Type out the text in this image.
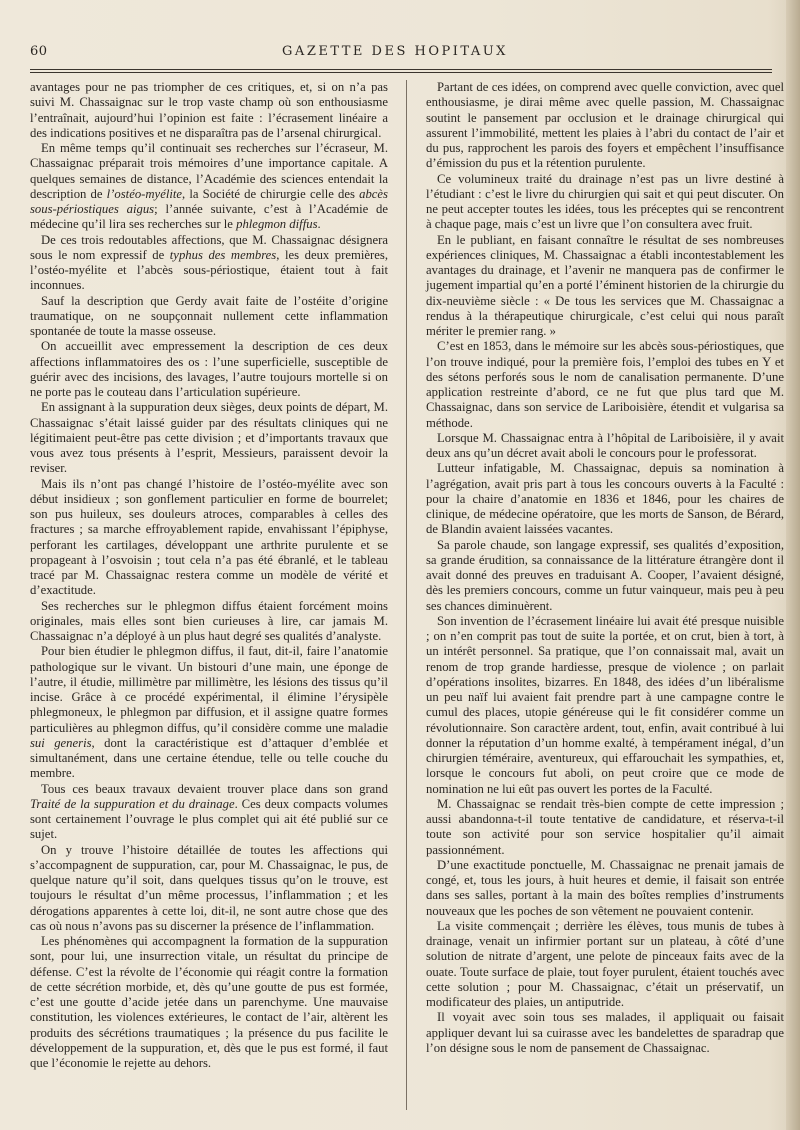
60	GAZETTE DES HOPITAUX

avantages pour ne pas triompher de ces critiques, et, si on n’a pas suivi M. Chassaignac sur le trop vaste champ où son enthousiasme l’entraînait, aujourd’hui l’opinion est faite : l’écrasement linéaire a des indications positives et ne disparaîtra pas de l’arsenal chirurgical.

En même temps qu’il continuait ses recherches sur l’écraseur, M. Chassaignac préparait trois mémoires d’une importance capitale. A quelques semaines de distance, l’Académie des sciences entendait la description de l’ostéo-myélite, la Société de chirurgie celle des abcès sous-périostiques aigus; l’année suivante, c’est à l’Académie de médecine qu’il lira ses recherches sur le phlegmon diffus.

De ces trois redoutables affections, que M. Chassaignac désignera sous le nom expressif de typhus des membres, les deux premières, l’ostéo-myélite et l’abcès sous-périostique, étaient tout à fait inconnues.

Sauf la description que Gerdy avait faite de l’ostéite d’origine traumatique, on ne soupçonnait nullement cette inflammation spontanée de toute la masse osseuse.

On accueillit avec empressement la description de ces deux affections inflammatoires des os : l’une superficielle, susceptible de guérir avec des incisions, des lavages, l’autre toujours mortelle si on ne porte pas le couteau dans l’articulation supérieure.

En assignant à la suppuration deux sièges, deux points de départ, M. Chassaignac s’était laissé guider par des résultats cliniques qui ne légitimaient peut-être pas cette division ; et d’importants travaux que vous avez tous présents à l’esprit, Messieurs, paraissent devoir la reviser.

Mais ils n’ont pas changé l’histoire de l’ostéo-myélite avec son début insidieux ; son gonflement particulier en forme de bourrelet; son pus huileux, ses douleurs atroces, comparables à celles des fractures ; sa marche effroyablement rapide, envahissant l’épiphyse, perforant les cartilages, développant une arthrite purulente et se propageant à l’osvoisin ; tout cela n’a pas été ébranlé, et le tableau tracé par M. Chassaignac restera comme un modèle de vérité et d’exactitude.

Ses recherches sur le phlegmon diffus étaient forcément moins originales, mais elles sont bien curieuses à lire, car jamais M. Chassaignac n’a déployé à un plus haut degré ses qualités d’analyste.

Pour bien étudier le phlegmon diffus, il faut, dit-il, faire l’anatomie pathologique sur le vivant. Un bistouri d’une main, une éponge de l’autre, il étudie, millimètre par millimètre, les lésions des tissus qu’il incise. Grâce à ce procédé expérimental, il élimine l’érysipèle phlegmoneux, le phlegmon par diffusion, et il assigne quatre formes particulières au phlegmon diffus, qu’il considère comme une maladie sui generis, dont la caractéristique est d’attaquer d’emblée et simultanément, dans une certaine étendue, telle ou telle couche du membre.

Tous ces beaux travaux devaient trouver place dans son grand Traité de la suppuration et du drainage. Ces deux compacts volumes sont certainement l’ouvrage le plus complet qui ait été publié sur ce sujet.

On y trouve l’histoire détaillée de toutes les affections qui s’accompagnent de suppuration, car, pour M. Chassaignac, le pus, de quelque nature qu’il soit, dans quelques tissus qu’on le trouve, est toujours le résultat d’un même processus, l’inflammation ; et les dérogations apparentes à cette loi, dit-il, ne sont autre chose que des cas où nous n’avons pas su discerner la présence de l’inflammation.

Les phénomènes qui accompagnent la formation de la suppuration sont, pour lui, une insurrection vitale, un résultat du principe de défense. C’est la révolte de l’économie qui réagit contre la formation de cette sécrétion morbide, et, dès qu’une goutte de pus est formée, c’est une goutte d’acide jetée dans un parenchyme. Une mauvaise constitution, les violences extérieures, le contact de l’air, altèrent les produits des sécrétions traumatiques ; la présence du pus facilite le développement de la suppuration, et, dès que le pus est formé, il faut que l’économie le rejette au dehors.

Partant de ces idées, on comprend avec quelle conviction, avec quel enthousiasme, je dirai même avec quelle passion, M. Chassaignac soutint le pansement par occlusion et le drainage chirurgical qui assurent l’immobilité, mettent les plaies à l’abri du contact de l’air et du pus, rapprochent les parois des foyers et empêchent l’insuffisance d’émission du pus et la rétention purulente.

Ce volumineux traité du drainage n’est pas un livre destiné à l’étudiant : c’est le livre du chirurgien qui sait et qui peut discuter. On ne peut accepter toutes les idées, tous les préceptes qui se rencontrent à chaque page, mais c’est un livre que l’on consultera avec fruit.

En le publiant, en faisant connaître le résultat de ses nombreuses expériences cliniques, M. Chassaignac a établi incontestablement les avantages du drainage, et l’avenir ne manquera pas de confirmer le jugement impartial qu’en a porté l’éminent historien de la chirurgie du dix-neuvième siècle : « De tous les services que M. Chassaignac a rendus à la thérapeutique chirurgicale, c’est celui qui nous paraît mériter le premier rang. »

C’est en 1853, dans le mémoire sur les abcès sous-périostiques, que l’on trouve indiqué, pour la première fois, l’emploi des tubes en Y et des sétons perforés sous le nom de canalisation permanente. D’une application restreinte d’abord, ce ne fut que plus tard que M. Chassaignac, dans son service de Lariboisière, étendit et vulgarisa sa méthode.

Lorsque M. Chassaignac entra à l’hôpital de Lariboisière, il y avait deux ans qu’un décret avait aboli le concours pour le professorat.

Lutteur infatigable, M. Chassaignac, depuis sa nomination à l’agrégation, avait pris part à tous les concours ouverts à la Faculté : pour la chaire d’anatomie en 1836 et 1846, pour les chaires de clinique, de médecine opératoire, que les morts de Sanson, de Bérard, de Blandin avaient laissées vacantes.

Sa parole chaude, son langage expressif, ses qualités d’exposition, sa grande érudition, sa connaissance de la littérature étrangère dont il avait donné des preuves en traduisant A. Cooper, l’avaient désigné, dès les premiers concours, comme un futur vainqueur, mais peu à peu ses chances diminuèrent.

Son invention de l’écrasement linéaire lui avait été presque nuisible ; on n’en comprit pas tout de suite la portée, et on crut, bien à tort, à un intérêt personnel. Sa pratique, que l’on connaissait mal, avait un renom de trop grande hardiesse, presque de violence ; on parlait d’opérations insolites, bizarres. En 1848, des idées d’un libéralisme un peu naïf lui avaient fait prendre part à une campagne contre le cumul des places, utopie généreuse qui le fit considérer comme un révolutionnaire. Son caractère ardent, tout, enfin, avait contribué à lui donner la réputation d’un homme exalté, à tempérament inégal, d’un chirurgien téméraire, aventureux, qui effarouchait les sympathies, et, lorsque le concours fut aboli, on peut croire que ce mode de nomination ne lui eût pas ouvert les portes de la Faculté.

M. Chassaignac se rendait très-bien compte de cette impression ; aussi abandonna-t-il toute tentative de candidature, et réserva-t-il toute son activité pour son service hospitalier qu’il aimait passionnément.

D’une exactitude ponctuelle, M. Chassaignac ne prenait jamais de congé, et, tous les jours, à huit heures et demie, il faisait son entrée dans ses salles, portant à la main des boîtes remplies d’instruments nouveaux que les poches de son vêtement ne pouvaient contenir.

La visite commençait ; derrière les élèves, tous munis de tubes à drainage, venait un infirmier portant sur un plateau, à côté d’une solution de nitrate d’argent, une pelote de pinceaux faits avec de la ouate. Toute surface de plaie, tout foyer purulent, étaient touchés avec cette solution ; pour M. Chassaignac, c’était un préservatif, un modificateur des plaies, un antiputride.

Il voyait avec soin tous ses malades, il appliquait ou faisait appliquer devant lui sa cuirasse avec les bandelettes de sparadrap que l’on désigne sous le nom de pansement de Chassaignac.
